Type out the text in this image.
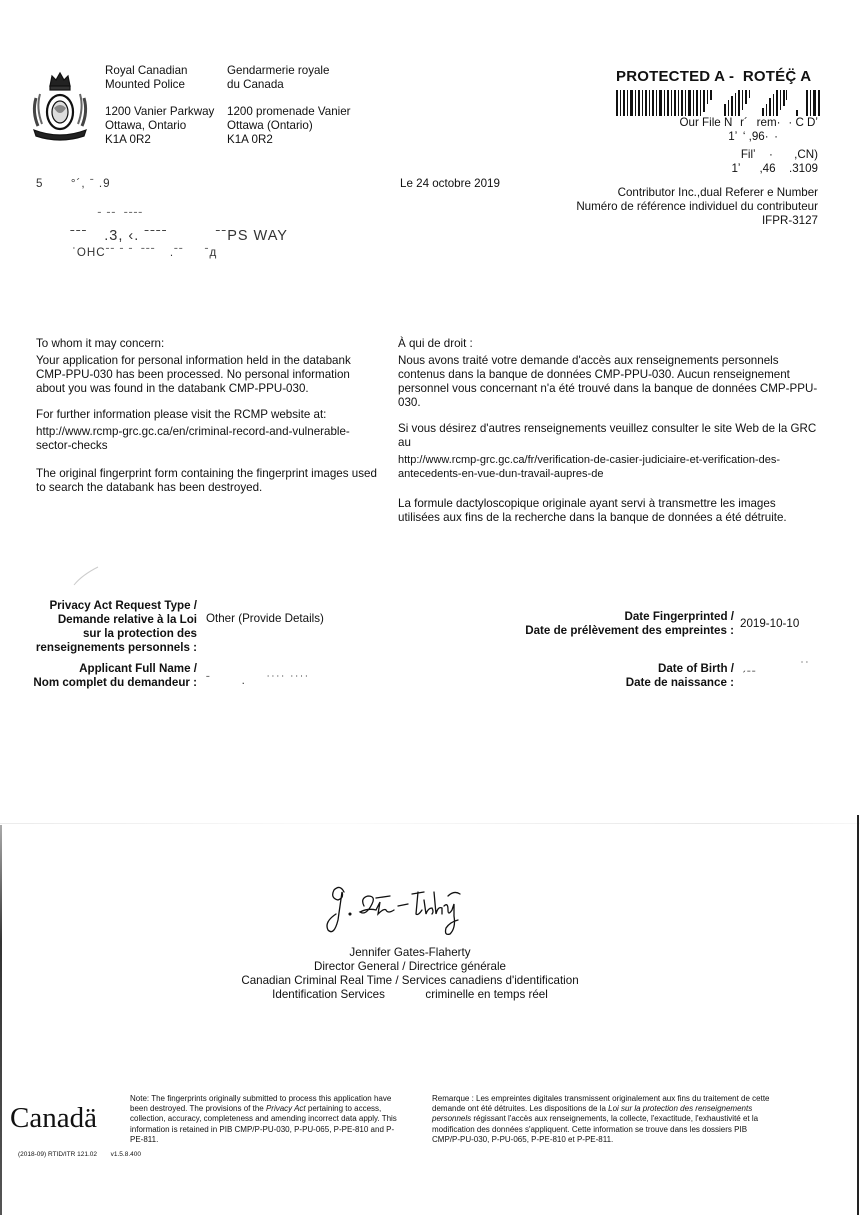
Royal Canadian
Mounted Police
Gendarmerie royale
du Canada
1200 Vanier Parkway
Ottawa, Ontario
K1A 0R2
1200 promenade Vanier
Ottawa (Ontario)
K1A 0R2
PROTECTED A -  ROTÉÇ̈ A
Our File N   r´   rem·   · C Dʼ
1ʼ  ‘ ,96·  ·
Filʼ     ·        ,CN)
1ʼ       ,46     .3109
Contributor Inc.,dual Referer e Number
Numéro de référence individuel du contributeur
IFPR-3127
5        °´, ˉ .9
     ˉ ˉˉ  ˉˉˉˉ
ˉˉˉ    .3, ‹. ˉˉˉˉ            ˉˉPS WAY
ˈOHCˉˉ ˉ ˉ  ˉˉˉ    .ˉˉ      ˉд
Le 24 octobre 2019
To whom it may concern:
Your application for personal information held in the databank
CMP-PPU-030 has been processed. No personal information
about you was found in the databank CMP-PPU-030.
For further information please visit the RCMP website at:
http://www.rcmp-grc.gc.ca/en/criminal-record-and-vulnerable-
sector-checks
The original fingerprint form containing the fingerprint images used
to search the databank has been destroyed.
À qui de droit :
Nous avons traité votre demande d'accès aux renseignements personnels
contenus dans la banque de données CMP-PPU-030. Aucun renseignement
personnel vous concernant n'a été trouvé dans la banque de données CMP-PPU-
030.
Si vous désirez d'autres renseignements veuillez consulter le site Web de la GRC
au
http://www.rcmp-grc.gc.ca/fr/verification-de-casier-judiciaire-et-verification-des-
antecedents-en-vue-dun-travail-aupres-de
La formule dactyloscopique originale ayant servi à transmettre les images
utilisées aux fins de la recherche dans la banque de données a été détruite.
Privacy Act Request Type /
Demande relative à la Loi
sur la protection des
renseignements personnels :
Other (Provide Details)
Applicant Full Name /
Nom complet du demandeur : ˉ         .      ˙˙˙˙ ˙˙˙˙
Date Fingerprinted /
Date de prélèvement des empreintes :
2019-10-10
Date of Birth /
Date de naissance :
ˏˍˍ             ˙˙
Jennifer Gates-Flaherty
Director General / Directrice générale
Canadian Criminal Real Time / Services canadiens d'identification
Identification Services	criminelle en temps réel
Canadä
Note: The fingerprints originally submitted to process this application have been destroyed. The provisions of the Privacy Act pertaining to access, collection, accuracy, completeness and amending incorrect data apply. This information is retained in PIB CMP/P-PU-030, P-PU-065, P-PE-810 and P-PE-811.
Remarque : Les empreintes digitales transmissent originalement aux fins du traitement de cette demande ont été détruites. Les dispositions de la Loi sur la protection des renseignements personnels régissant l'accès aux renseignements, la collecte, l'exactitude, l'exhaustivité et la modification des données s'appliquent. Cette information se trouve dans les dossiers PIB CMP/P-PU-030, P-PU-065, P-PE-810 et P-PE-811.
(2018-09) RTID/ITR 121.02 v1.5.8.400
